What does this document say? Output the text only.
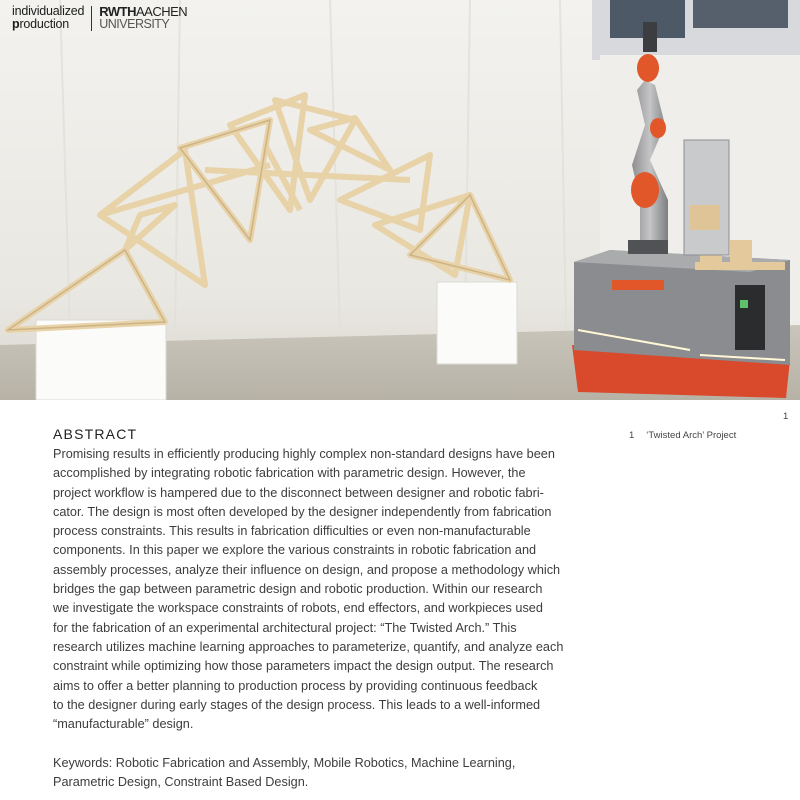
KUKA
individualized
production
RWTHAACHEN
UNIVERSITY
1
1 ‘Twisted Arch’ Project
ABSTRACT

Promising results in efficiently producing highly complex non-standard designs have been
accomplished by integrating robotic fabrication with parametric design. However, the
project workflow is hampered due to the disconnect between designer and robotic fabri-
cator. The design is most often developed by the designer independently from fabrication
process constraints. This results in fabrication difficulties or even non-manufacturable
components. In this paper we explore the various constraints in robotic fabrication and
assembly processes, analyze their influence on design, and propose a methodology which
bridges the gap between parametric design and robotic production. Within our research
we investigate the workspace constraints of robots, end effectors, and workpieces used
for the fabrication of an experimental architectural project: “The Twisted Arch.” This
research utilizes machine learning approaches to parameterize, quantify, and analyze each
constraint while optimizing how those parameters impact the design output. The research
aims to offer a better planning to production process by providing continuous feedback
to the designer during early stages of the design process. This leads to a well-informed
“manufacturable” design.

Keywords: Robotic Fabrication and Assembly, Mobile Robotics, Machine Learning,
Parametric Design, Constraint Based Design.
